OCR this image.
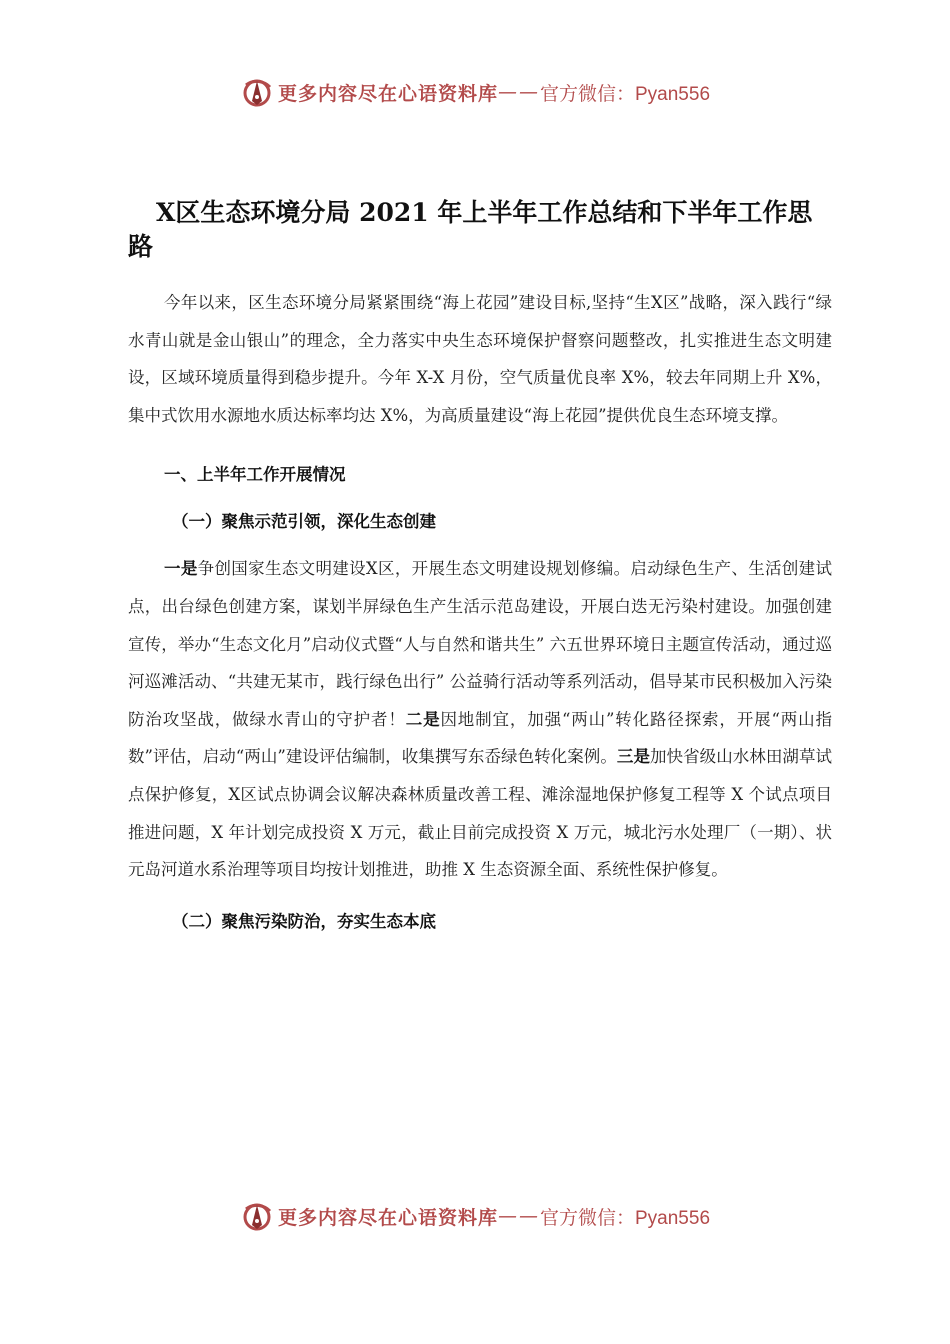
更多内容尽在心语资料库 —— 官方微信：Pyan556
X区生态环境分局 2021 年上半年工作总结和下半年工作思路

今年以来，区生态环境分局紧紧围绕“海上花园”建设目标,坚持“生X区”战略，深入践行“绿水青山就是金山银山”的理念，全力落实中央生态环境保护督察问题整改，扎实推进生态文明建设，区域环境质量得到稳步提升。今年 X-X 月份，空气质量优良率 X%，较去年同期上升 X%，集中式饮用水源地水质达标率均达 X%，为高质量建设“海上花园”提供优良生态环境支撑。

一、上半年工作开展情况
（一）聚焦示范引领，深化生态创建

一是争创国家生态文明建设X区，开展生态文明建设规划修编。启动绿色生产、生活创建试点，出台绿色创建方案，谋划半屏绿色生产生活示范岛建设，开展白迭无污染村建设。加强创建宣传，举办“生态文化月”启动仪式暨“人与自然和谐共生” 六五世界环境日主题宣传活动，通过巡河巡滩活动、“共建无某市，践行绿色出行” 公益骑行活动等系列活动，倡导某市民积极加入污染防治攻坚战，做绿水青山的守护者！二是因地制宜，加强“两山”转化路径探索，开展“两山指数”评估，启动“两山”建设评估编制，收集撰写东岙绿色转化案例。三是加快省级山水林田湖草试点保护修复，X区试点协调会议解决森林质量改善工程、滩涂湿地保护修复工程等 X 个试点项目推进问题，X 年计划完成投资 X 万元，截止目前完成投资 X 万元，城北污水处理厂（一期）、状元岛河道水系治理等项目均按计划推进，助推 X 生态资源全面、系统性保护修复。

（二）聚焦污染防治，夯实生态本底
更多内容尽在心语资料库 —— 官方微信：Pyan556
